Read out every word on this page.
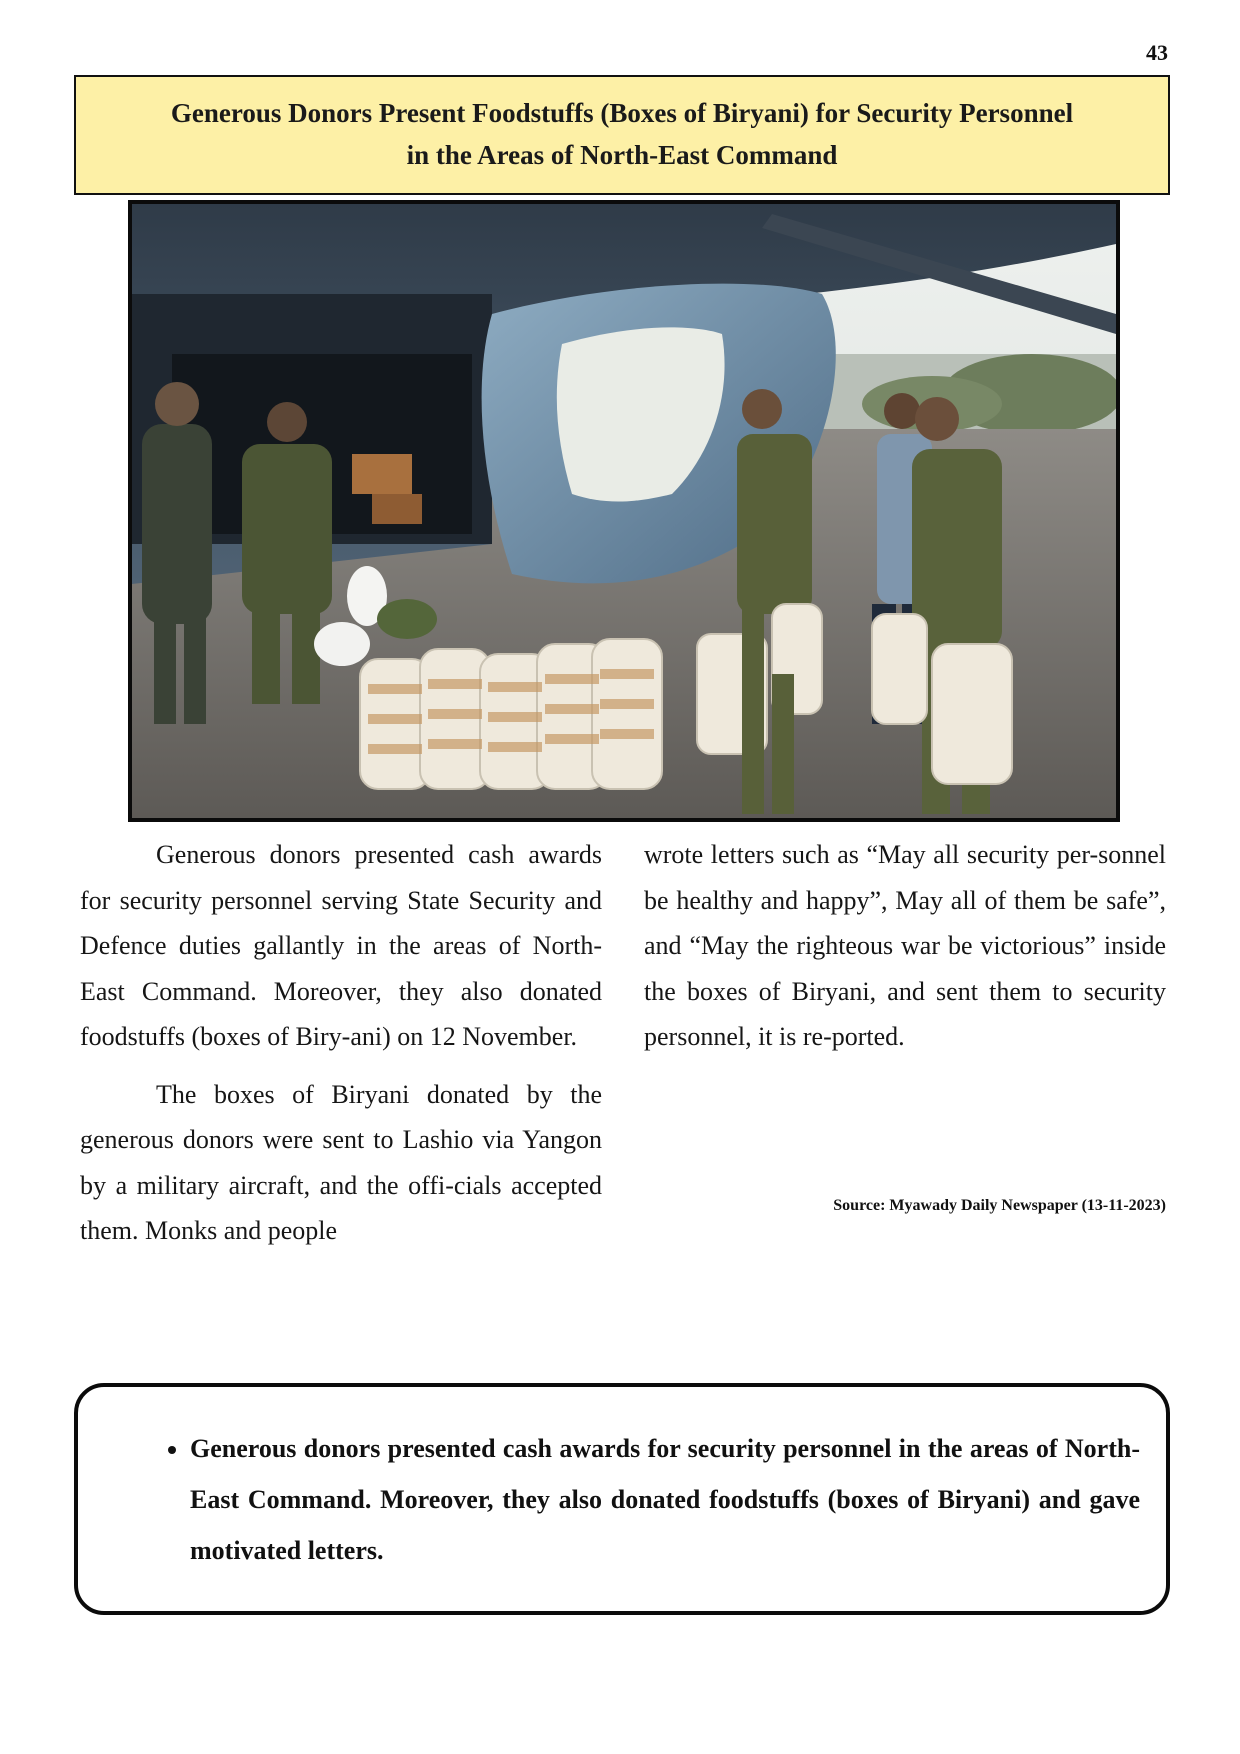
43
Generous Donors Present Foodstuffs (Boxes of Biryani) for Security Personnel
in the Areas of North-East Command

Generous donors presented cash awards for security personnel serving State Security and Defence duties gallantly in the areas of North-East Command. Moreover, they also donated foodstuffs (boxes of Biry-ani) on 12 November.

The boxes of Biryani donated by the generous donors were sent to Lashio via Yangon by a military aircraft, and the offi-cials accepted them. Monks and people

wrote letters such as “May all security per-sonnel be healthy and happy”, May all of them be safe”, and “May the righteous war be victorious” inside the boxes of Biryani, and sent them to security personnel, it is re-ported.

Source: Myawady Daily Newspaper (13-11-2023)
• Generous donors presented cash awards for security personnel in the areas of North-East Command. Moreover, they also donated foodstuffs (boxes of Biryani) and gave motivated letters.
